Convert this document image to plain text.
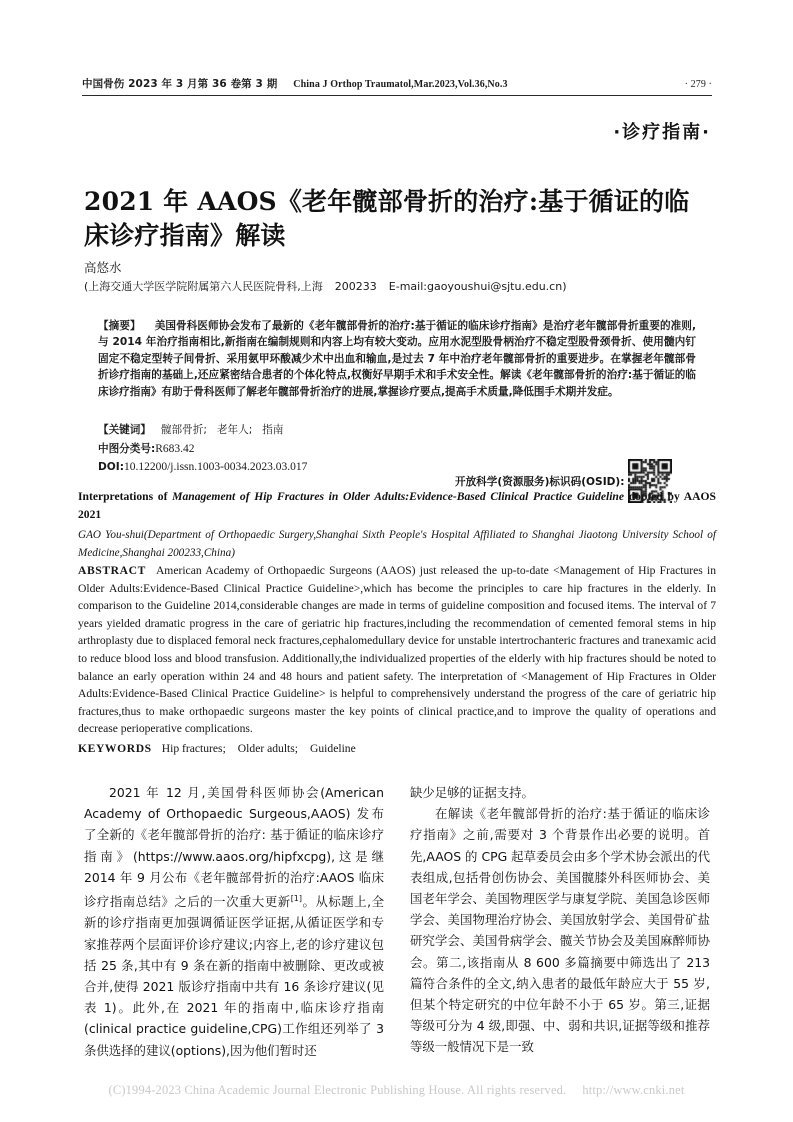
中国骨伤 2023 年 3 月第 36 卷第 3 期 China J Orthop Traumatol,Mar.2023,Vol.36,No.3	· 279 ·
·诊疗指南·
2021 年 AAOS《老年髋部骨折的治疗:基于循证的临床诊疗指南》解读
高悠水
(上海交通大学医学院附属第六人民医院骨科,上海 200233 E-mail:gaoyoushui@sjtu.edu.cn)
【摘要】 美国骨科医师协会发布了最新的《老年髋部骨折的治疗:基于循证的临床诊疗指南》是治疗老年髋部骨折重要的准则,与 2014 年治疗指南相比,新指南在编制规则和内容上均有较大变动。应用水泥型股骨柄治疗不稳定型股骨颈骨折、使用髓内钉固定不稳定型转子间骨折、采用氨甲环酸减少术中出血和输血,是过去 7 年中治疗老年髋部骨折的重要进步。在掌握老年髋部骨折诊疗指南的基础上,还应紧密结合患者的个体化特点,权衡好早期手术和手术安全性。解读《老年髋部骨折的治疗:基于循证的临床诊疗指南》有助于骨科医师了解老年髋部骨折治疗的进展,掌握诊疗要点,提高手术质量,降低围手术期并发症。
【关键词】 髋部骨折; 老年人; 指南
中图分类号:R683.42
DOI:10.12200/j.issn.1003-0034.2023.03.017
开放科学(资源服务)标识码(OSID):
Interpretations of Management of Hip Fractures in Older Adults:Evidence-Based Clinical Practice Guideline dopted by AAOS 2021
GAO You-shui(Department of Orthopaedic Surgery,Shanghai Sixth People's Hospital Affiliated to Shanghai Jiaotong University School of Medicine,Shanghai 200233,China)
ABSTRACT American Academy of Orthopaedic Surgeons (AAOS) just released the up-to-date <Management of Hip Fractures in Older Adults:Evidence-Based Clinical Practice Guideline>,which has become the principles to care hip fractures in the elderly. In comparison to the Guideline 2014,considerable changes are made in terms of guideline composition and focused items. The interval of 7 years yielded dramatic progress in the care of geriatric hip fractures,including the recommendation of cemented femoral stems in hip arthroplasty due to displaced femoral neck fractures,cephalomedullary device for unstable intertrochanteric fractures and tranexamic acid to reduce blood loss and blood transfusion. Additionally,the individualized properties of the elderly with hip fractures should be noted to balance an early operation within 24 and 48 hours and patient safety. The interpretation of <Management of Hip Fractures in Older Adults:Evidence-Based Clinical Practice Guideline> is helpful to comprehensively understand the progress of the care of geriatric hip fractures,thus to make orthopaedic surgeons master the key points of clinical practice,and to improve the quality of operations and decrease perioperative complications.
KEYWORDS Hip fractures; Older adults; Guideline

2021 年 12 月,美国骨科医师协会(American Academy of Orthopaedic Surgeous,AAOS) 发布了全新的《老年髋部骨折的治疗: 基于循证的临床诊疗指南》(https://www.aaos.org/hipfxcpg),这是继 2014 年 9 月公布《老年髋部骨折的治疗:AAOS 临床诊疗指南总结》之后的一次重大更新[1]。从标题上,全新的诊疗指南更加强调循证医学证据,从循证医学和专家推荐两个层面评价诊疗建议;内容上,老的诊疗建议包括 25 条,其中有 9 条在新的指南中被删除、更改或被合并,使得 2021 版诊疗指南中共有 16 条诊疗建议(见表 1)。此外,在 2021 年的指南中,临床诊疗指南(clinical practice guideline,CPG)工作组还列举了 3 条供选择的建议(options),因为他们暂时还

缺少足够的证据支持。

在解读《老年髋部骨折的治疗:基于循证的临床诊疗指南》之前,需要对 3 个背景作出必要的说明。首先,AAOS 的 CPG 起草委员会由多个学术协会派出的代表组成,包括骨创伤协会、美国髋膝外科医师协会、美国老年学会、美国物理医学与康复学院、美国急诊医师学会、美国物理治疗协会、美国放射学会、美国骨矿盐研究学会、美国骨病学会、髋关节协会及美国麻醉师协会。第二,该指南从 8 600 多篇摘要中筛选出了 213 篇符合条件的全文,纳入患者的最低年龄应大于 55 岁,但某个特定研究的中位年龄不小于 65 岁。第三,证据等级可分为 4 级,即强、中、弱和共识,证据等级和推荐等级一般情况下是一致

(C)1994-2023 China Academic Journal Electronic Publishing House. All rights reserved. http://www.cnki.net
